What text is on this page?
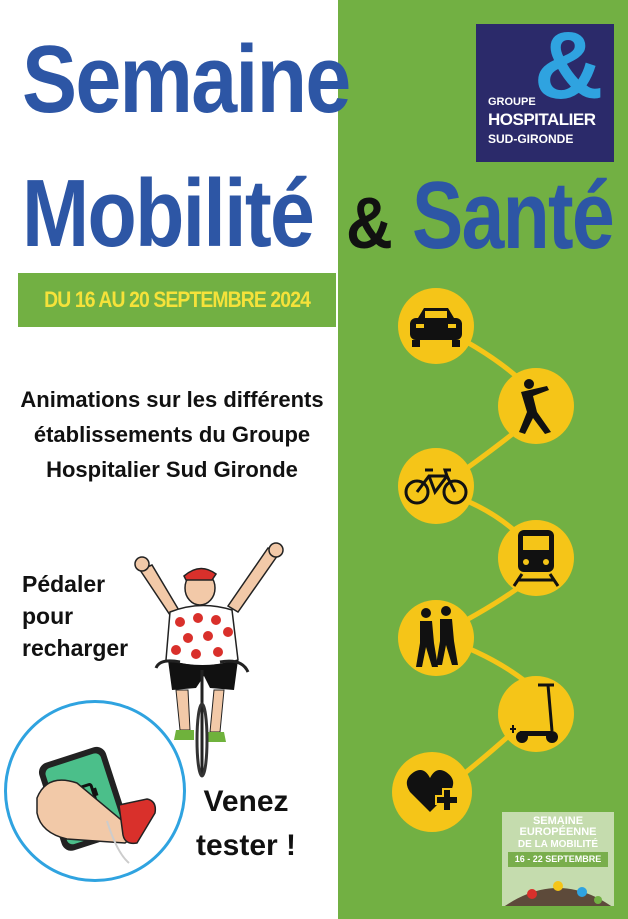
Semaine
Mobilité & Santé
DU 16 AU 20 SEPTEMBRE 2024
&
GROUPE
HOSPITALIER
SUD-GIRONDE
Animations sur les différents
établissements du Groupe
Hospitalier Sud Gironde
Pédaler
pour
recharger
Venez
tester !
SEMAINE
EUROPÉENNE
DE LA MOBILITÉ
16 - 22 SEPTEMBRE
